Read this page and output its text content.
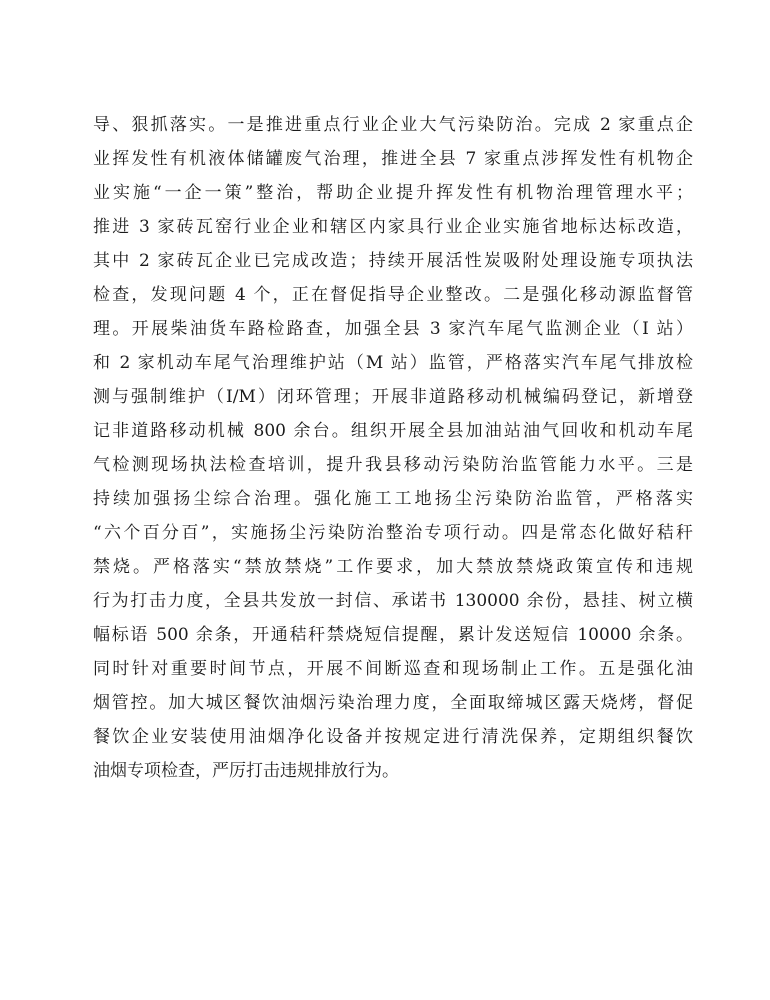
导、狠抓落实。一是推进重点行业企业大气污染防治。完成 2 家重点企
业挥发性有机液体储罐废气治理，推进全县 7 家重点涉挥发性有机物企
业实施“一企一策”整治，帮助企业提升挥发性有机物治理管理水平；
推进 3 家砖瓦窑行业企业和辖区内家具行业企业实施省地标达标改造，
其中 2 家砖瓦企业已完成改造；持续开展活性炭吸附处理设施专项执法
检查，发现问题 4 个，正在督促指导企业整改。二是强化移动源监督管
理。开展柴油货车路检路查，加强全县 3 家汽车尾气监测企业（I 站）
和 2 家机动车尾气治理维护站（M 站）监管，严格落实汽车尾气排放检
测与强制维护（I/M）闭环管理；开展非道路移动机械编码登记，新增登
记非道路移动机械 800 余台。组织开展全县加油站油气回收和机动车尾
气检测现场执法检查培训，提升我县移动污染防治监管能力水平。三是
持续加强扬尘综合治理。强化施工工地扬尘污染防治监管，严格落实
“六个百分百”，实施扬尘污染防治整治专项行动。四是常态化做好秸秆
禁烧。严格落实“禁放禁烧”工作要求，加大禁放禁烧政策宣传和违规
行为打击力度，全县共发放一封信、承诺书 130000 余份，悬挂、树立横
幅标语 500 余条，开通秸秆禁烧短信提醒，累计发送短信 10000 余条。
同时针对重要时间节点，开展不间断巡查和现场制止工作。五是强化油
烟管控。加大城区餐饮油烟污染治理力度，全面取缔城区露天烧烤，督促
餐饮企业安装使用油烟净化设备并按规定进行清洗保养，定期组织餐饮
油烟专项检查，严厉打击违规排放行为。
